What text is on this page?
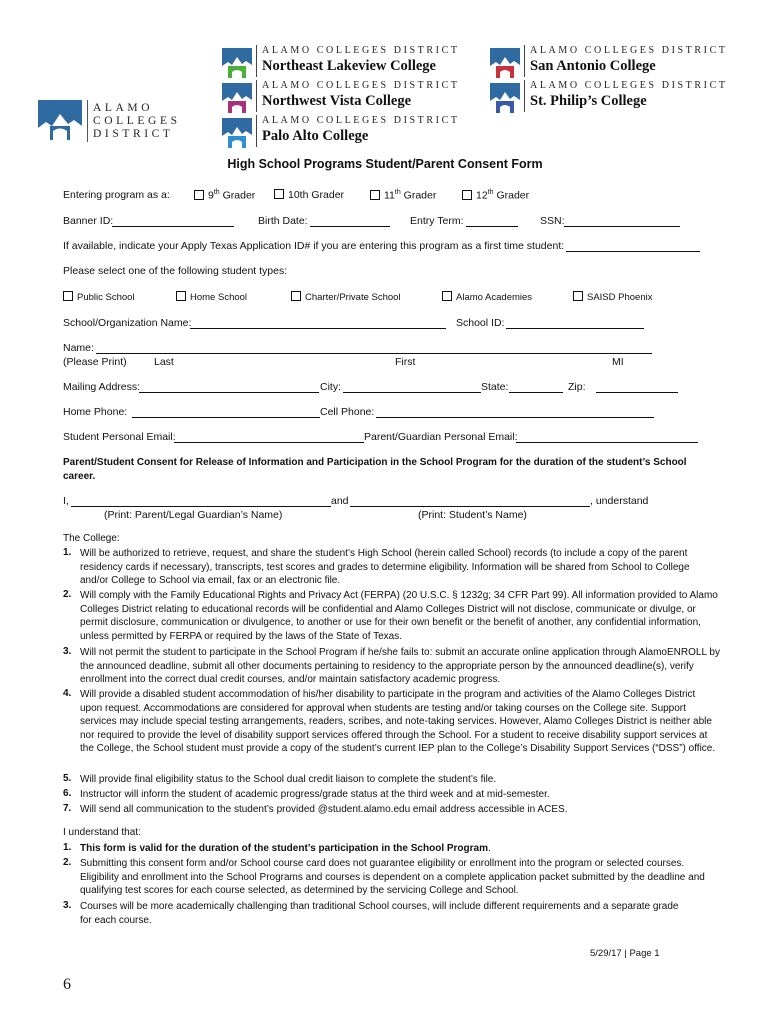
ALAMO
COLLEGES
DISTRICT
ALAMO COLLEGES DISTRICT
Northeast Lakeview College
ALAMO COLLEGES DISTRICT
Northwest Vista College
ALAMO COLLEGES DISTRICT
Palo Alto College
ALAMO COLLEGES DISTRICT
San Antonio College
ALAMO COLLEGES DISTRICT
St. Philip’s College
High School Programs Student/Parent Consent Form
Entering program as a:	9th Grader	10th Grader	11th Grader	12th Grader
Banner ID:	Birth Date:	Entry Term:	SSN:
If available, indicate your Apply Texas Application ID# if you are entering this program as a first time student:
Please select one of the following student types:
Public School	Home School	Charter/Private School	Alamo Academies	SAISD Phoenix
School/Organization Name:	School ID:
Name:
(Please Print)	Last	First	MI
Mailing Address:	City:	State:	Zip:
Home Phone:	Cell Phone:
Student Personal Email:	Parent/Guardian Personal Email:
Parent/Student Consent for Release of Information and Participation in the School Program for the duration of the student’s School career.
I,	and	, understand
(Print: Parent/Legal Guardian’s Name)	(Print: Student’s Name)
The College:
1. Will be authorized to retrieve, request, and share the student’s High School (herein called School) records (to include a copy of the parent residency cards if necessary), transcripts, test scores and grades to determine eligibility. Information will be shared from School to College and/or College to School via email, fax or an electronic file.
2. Will comply with the Family Educational Rights and Privacy Act (FERPA) (20 U.S.C. § 1232g; 34 CFR Part 99). All information provided to Alamo Colleges District relating to educational records will be confidential and Alamo Colleges District will not disclose, communicate or divulge, or permit disclosure, communication or divulgence, to another or use for their own benefit or the benefit of another, any confidential information, unless permitted by FERPA or required by the laws of the State of Texas.
3. Will not permit the student to participate in the School Program if he/she fails to: submit an accurate online application through AlamoENROLL by the announced deadline, submit all other documents pertaining to residency to the appropriate person by the announced deadline(s), verify enrollment into the correct dual credit courses, and/or maintain satisfactory academic progress.
4. Will provide a disabled student accommodation of his/her disability to participate in the program and activities of the Alamo Colleges District upon request. Accommodations are considered for approval when students are testing and/or taking courses on the College site. Support services may include special testing arrangements, readers, scribes, and note-taking services. However, Alamo Colleges District is neither able nor required to provide the level of disability support services offered through the School. For a student to receive disability support services at the College, the School student must provide a copy of the student’s current IEP plan to the College’s Disability Support Services (“DSS”) office.
5. Will provide final eligibility status to the School dual credit liaison to complete the student’s file.
6. Instructor will inform the student of academic progress/grade status at the third week and at mid-semester.
7. Will send all communication to the student’s provided @student.alamo.edu email address accessible in ACES.
I understand that:
1. This form is valid for the duration of the student’s participation in the School Program.
2. Submitting this consent form and/or School course card does not guarantee eligibility or enrollment into the program or selected courses. Eligibility and enrollment into the School Programs and courses is dependent on a complete application packet submitted by the deadline and qualifying test scores for each course selected, as determined by the servicing College and School.
3. Courses will be more academically challenging than traditional School courses, will include different requirements and a separate grade for each course.
5/29/17 | Page 1
6
